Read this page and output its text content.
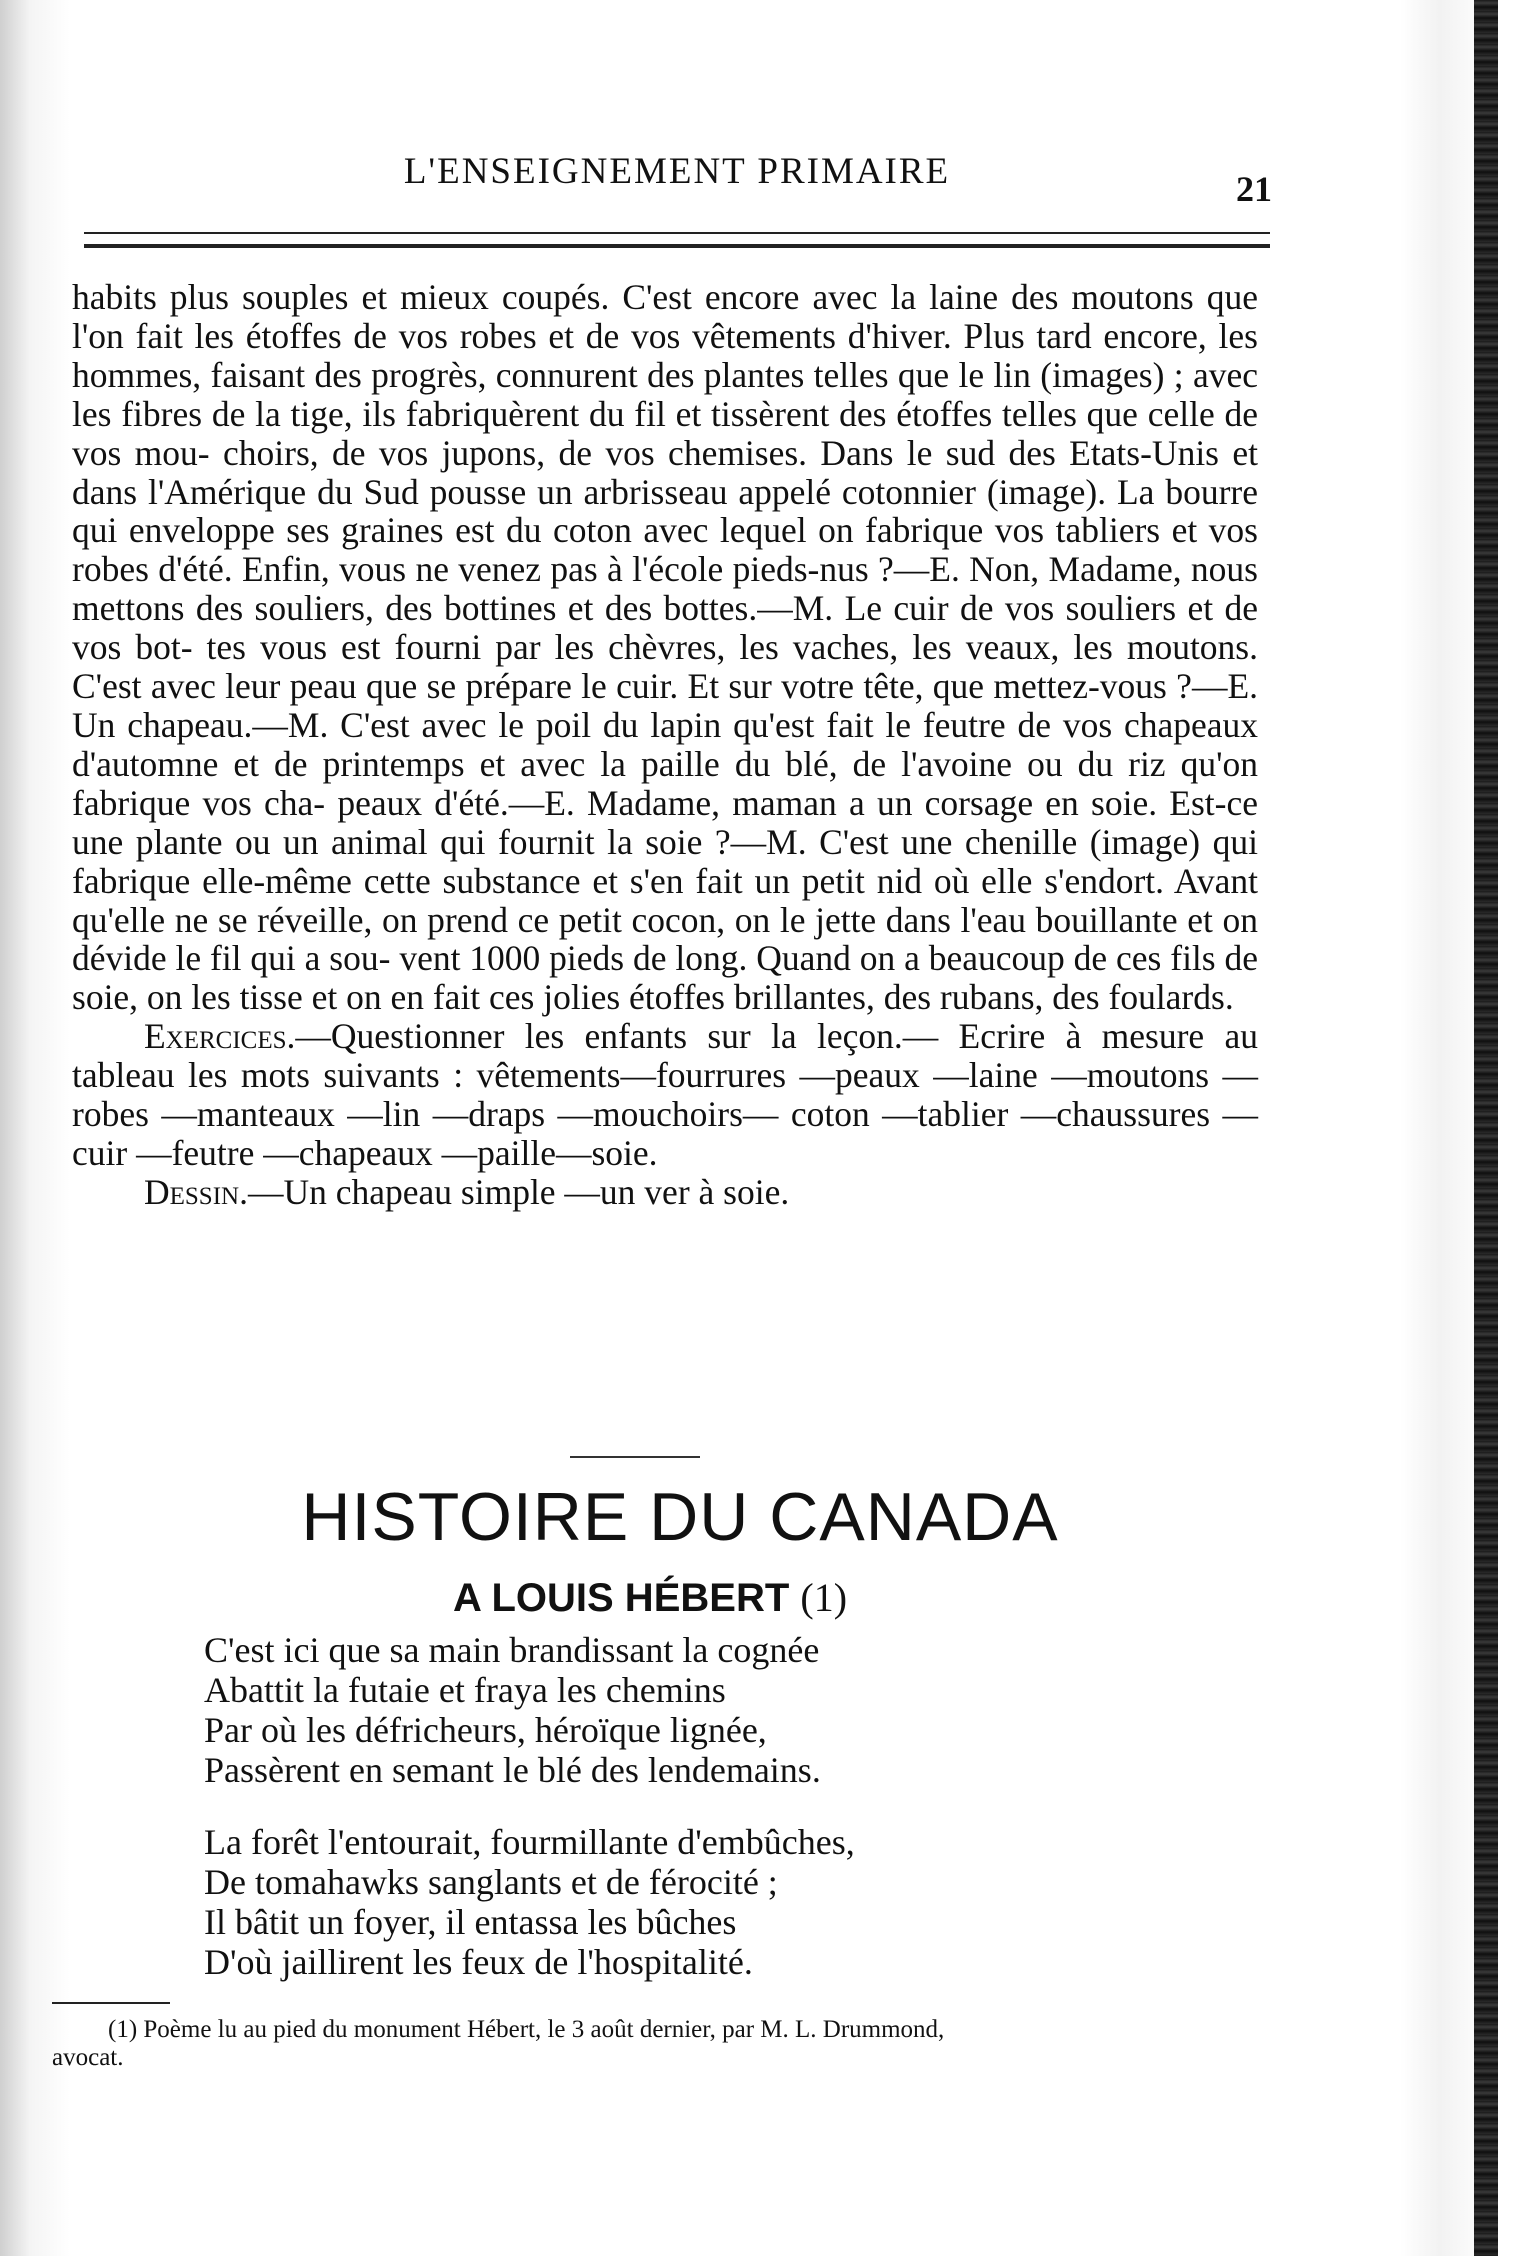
L'ENSEIGNEMENT PRIMAIRE	21

habits plus souples et mieux coupés. C'est encore avec la laine des moutons que l'on fait les étoffes de vos robes et de vos vêtements d'hiver. Plus tard encore, les hommes, faisant des progrès, connurent des plantes telles que le lin (images) ; avec les fibres de la tige, ils fabriquèrent du fil et tissèrent des étoffes telles que celle de vos mou- choirs, de vos jupons, de vos chemises. Dans le sud des Etats-Unis et dans l'Amérique du Sud pousse un arbrisseau appelé cotonnier (image). La bourre qui enveloppe ses graines est du coton avec lequel on fabrique vos tabliers et vos robes d'été. Enfin, vous ne venez pas à l'école pieds-nus ?—E. Non, Madame, nous mettons des souliers, des bottines et des bottes.—M. Le cuir de vos souliers et de vos bot- tes vous est fourni par les chèvres, les vaches, les veaux, les moutons. C'est avec leur peau que se prépare le cuir. Et sur votre tête, que mettez-vous ?—E. Un chapeau.—M. C'est avec le poil du lapin qu'est fait le feutre de vos chapeaux d'automne et de printemps et avec la paille du blé, de l'avoine ou du riz qu'on fabrique vos cha- peaux d'été.—E. Madame, maman a un corsage en soie. Est-ce une plante ou un animal qui fournit la soie ?—M. C'est une chenille (image) qui fabrique elle-même cette substance et s'en fait un petit nid où elle s'endort. Avant qu'elle ne se réveille, on prend ce petit cocon, on le jette dans l'eau bouillante et on dévide le fil qui a sou- vent 1000 pieds de long. Quand on a beaucoup de ces fils de soie, on les tisse et on en fait ces jolies étoffes brillantes, des rubans, des foulards.

Exercices.—Questionner les enfants sur la leçon.— Ecrire à mesure au tableau les mots suivants : vêtements—fourrures —peaux —laine —moutons —robes —manteaux —lin —draps —mouchoirs— coton —tablier —chaussures —cuir —feutre —chapeaux —paille—soie.

Dessin.—Un chapeau simple —un ver à soie.

HISTOIRE DU CANADA
A LOUIS HÉBERT (1)
C'est ici que sa main brandissant la cognée
Abattit la futaie et fraya les chemins
Par où les défricheurs, héroïque lignée,
Passèrent en semant le blé des lendemains.
La forêt l'entourait, fourmillante d'embûches,
De tomahawks sanglants et de férocité ;
Il bâtit un foyer, il entassa les bûches
D'où jaillirent les feux de l'hospitalité.
(1) Poème lu au pied du monument Hébert, le 3 août dernier, par M. L. Drummond,
avocat.
